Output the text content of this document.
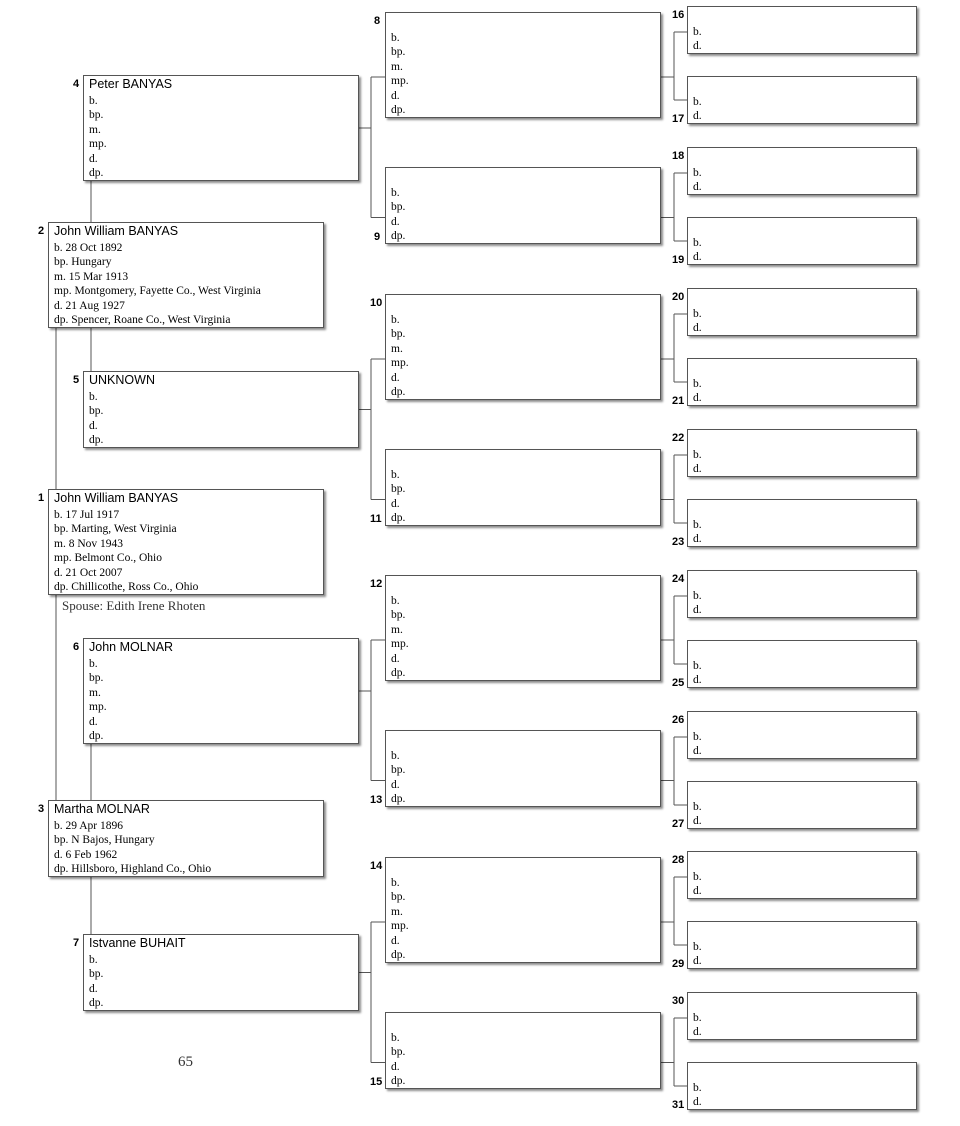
Spouse: Edith Irene Rhoten
65
John William BANYAS
b. 17 Jul 1917
bp. Marting, West Virginia
m. 8 Nov 1943
mp. Belmont Co., Ohio
d. 21 Oct 2007
dp. Chillicothe, Ross Co., Ohio
1
John William BANYAS
b. 28 Oct 1892
bp. Hungary
m. 15 Mar 1913
mp. Montgomery, Fayette Co., West Virginia
d. 21 Aug 1927
dp. Spencer, Roane Co., West Virginia
2
Martha MOLNAR
b. 29 Apr 1896
bp. N Bajos, Hungary
d. 6 Feb 1962
dp. Hillsboro, Highland Co., Ohio
3
Peter BANYAS
b.
bp.
m.
mp.
d.
dp.
4
UNKNOWN
b.
bp.
d.
dp.
5
John MOLNAR
b.
bp.
m.
mp.
d.
dp.
6
Istvanne BUHAIT
b.
bp.
d.
dp.
7
b.
bp.
m.
mp.
d.
dp.
8
b.
bp.
d.
dp.
9
b.
bp.
m.
mp.
d.
dp.
10
b.
bp.
d.
dp.
11
b.
bp.
m.
mp.
d.
dp.
12
b.
bp.
d.
dp.
13
b.
bp.
m.
mp.
d.
dp.
14
b.
bp.
d.
dp.
15
b.
d.
16
b.
d.
17
b.
d.
18
b.
d.
19
b.
d.
20
b.
d.
21
b.
d.
22
b.
d.
23
b.
d.
24
b.
d.
25
b.
d.
26
b.
d.
27
b.
d.
28
b.
d.
29
b.
d.
30
b.
d.
31
